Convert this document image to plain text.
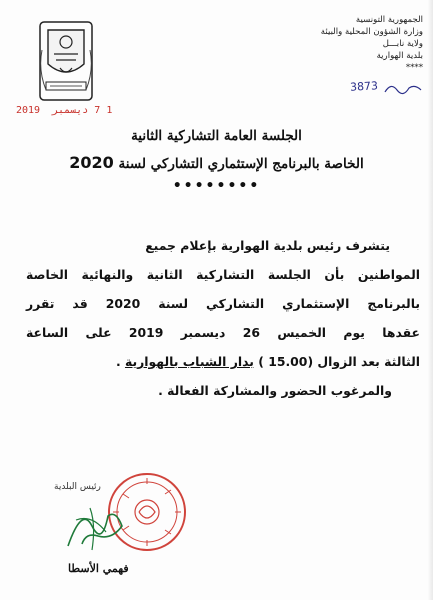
الجمهورية التونسية
وزارة الشؤون المحلية والبيئة
ولاية نابـــل
بلدية الهوارية
****
3873
2019 1 7 ديسمبر
الجلسة العامة التشاركية الثانية
الخاصة بالبرنامج الإستثماري التشاركي لسنة 2020
••••••••
يتشرف رئيس بلدية الهوارية بإعلام جميع
المواطنين بأن الجلسة التشاركية الثانية والنهائية الخاصة
بالبرنامج الإستثماري التشاركي لسنة 2020 قد تقرر
عقدها يوم الخميس 26 ديسمبر 2019 على الساعة
الثالثة بعد الزوال (15.00 ) بدار الشباب بالهوارية .
والمرغوب الحضور والمشاركة الفعالة .
رئيس البلدية
فهمي الأسطا
